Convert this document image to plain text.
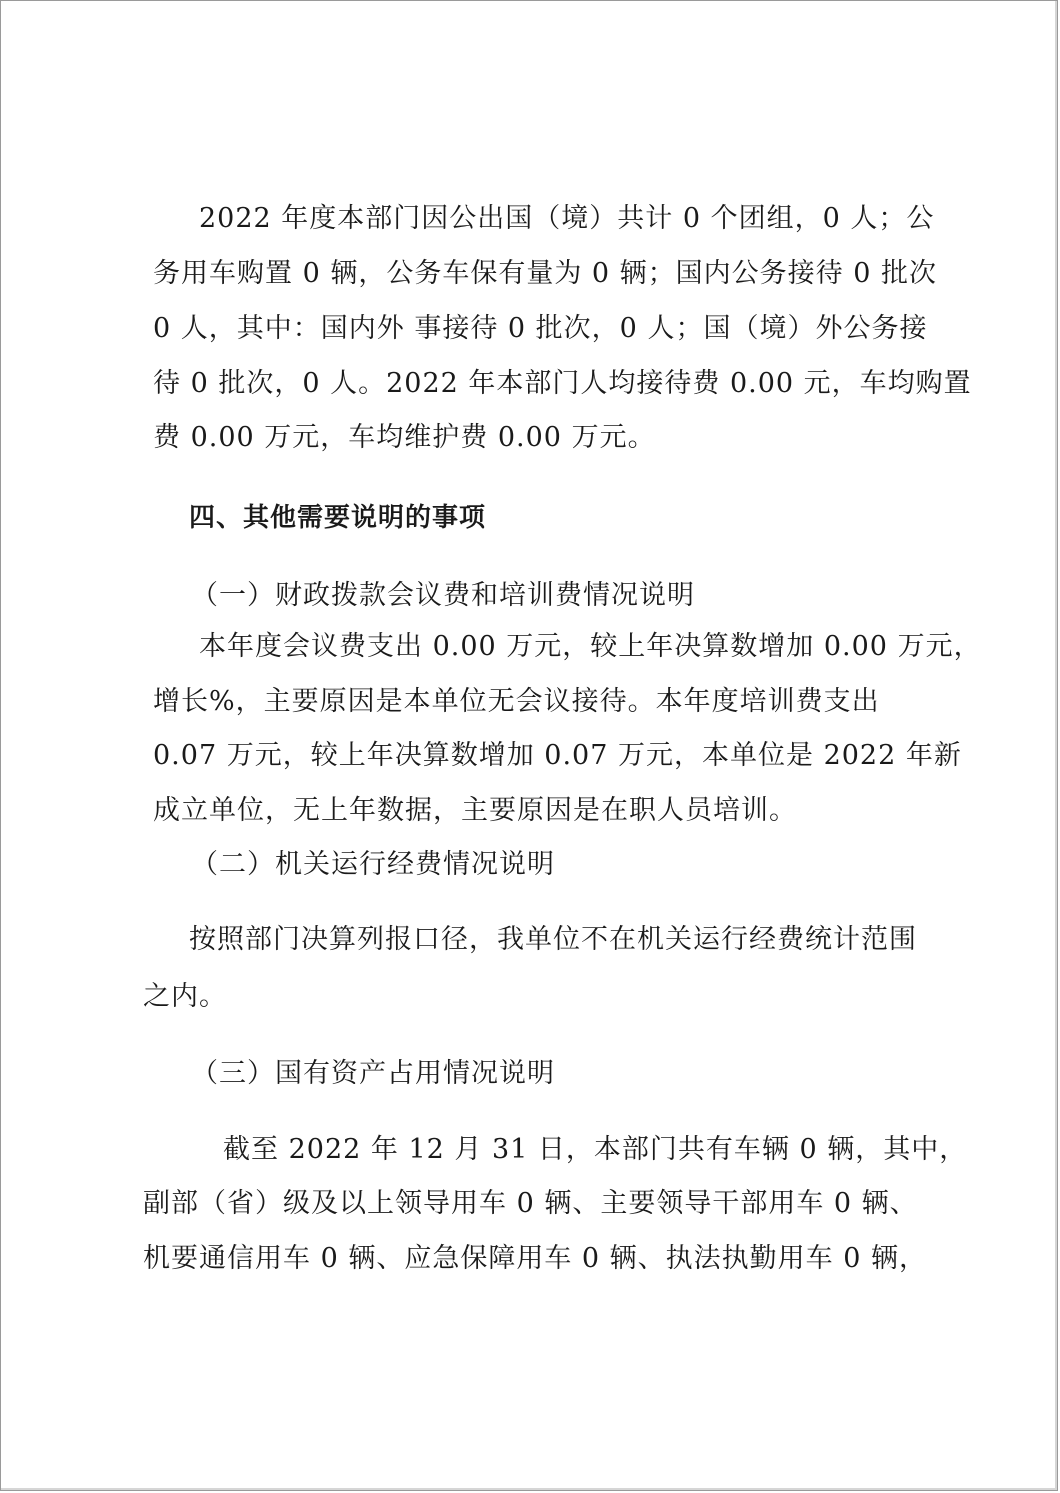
2022 年度本部门因公出国（境）共计 0 个团组，0 人；公
务用车购置 0 辆，公务车保有量为 0 辆；国内公务接待 0 批次
0 人，其中：国内外 事接待 0 批次，0 人；国（境）外公务接
待 0 批次，0 人。2022 年本部门人均接待费 0.00 元，车均购置
费 0.00 万元，车均维护费 0.00 万元。
四、其他需要说明的事项
（一）财政拨款会议费和培训费情况说明
本年度会议费支出 0.00 万元，较上年决算数增加 0.00 万元，
增长%，主要原因是本单位无会议接待。本年度培训费支出
0.07 万元，较上年决算数增加 0.07 万元，本单位是 2022 年新
成立单位，无上年数据，主要原因是在职人员培训。
（二）机关运行经费情况说明
按照部门决算列报口径，我单位不在机关运行经费统计范围
之内。
（三）国有资产占用情况说明
截至 2022 年 12 月 31 日，本部门共有车辆 0 辆，其中，
副部（省）级及以上领导用车 0 辆、主要领导干部用车 0 辆、
机要通信用车 0 辆、应急保障用车 0 辆、执法执勤用车 0 辆，
